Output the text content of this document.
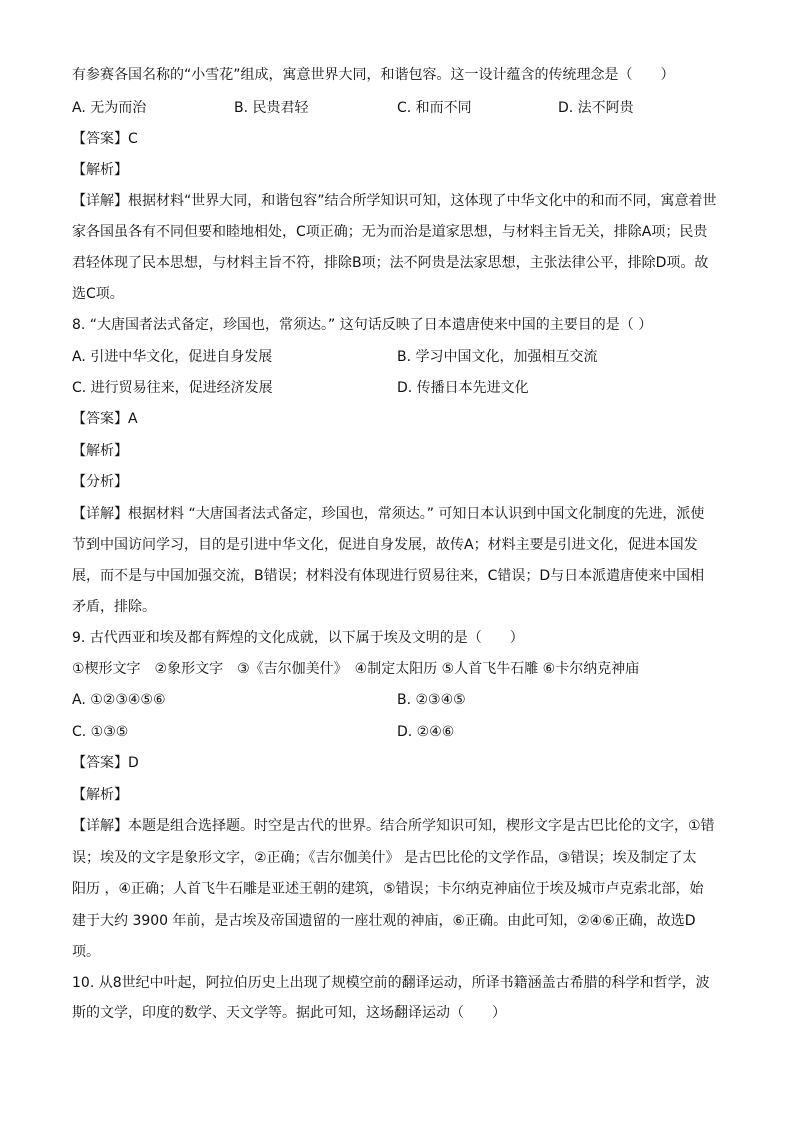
有参赛各国名称的“小雪花”组成，寓意世界大同，和谐包容。这一设计蕴含的传统理念是（　　）
A. 无为而治	B. 民贵君轻	C. 和而不同	D. 法不阿贵
【答案】C
【解析】
【详解】根据材料“世界大同，和谐包容”结合所学知识可知，这体现了中华文化中的和而不同，寓意着世
家各国虽各有不同但要和睦地相处，C项正确；无为而治是道家思想，与材料主旨无关，排除A项；民贵
君轻体现了民本思想，与材料主旨不符，排除B项；法不阿贵是法家思想，主张法律公平，排除D项。故
选C项。
8. “大唐国者法式备定，珍国也，常须达。” 这句话反映了日本遣唐使来中国的主要目的是（ ）
A. 引进中华文化，促进自身发展	B. 学习中国文化，加强相互交流
C. 进行贸易往来，促进经济发展	D. 传播日本先进文化
【答案】A
【解析】
【分析】
【详解】根据材料 “大唐国者法式备定，珍国也，常须达。” 可知日本认识到中国文化制度的先进，派使
节到中国访问学习，目的是引进中华文化，促进自身发展，故传A；材料主要是引进文化，促进本国发
展，而不是与中国加强交流，B错误；材料没有体现进行贸易往来，C错误；D与日本派遣唐使来中国相
矛盾，排除。
9. 古代西亚和埃及都有辉煌的文化成就，以下属于埃及文明的是（　　）
①楔形文字　②象形文字　③《吉尔伽美什》　④制定太阳历 ⑤人首飞牛石雕 ⑥卡尔纳克神庙
A. ①②③④⑤⑥	B. ②③④⑤
C. ①③⑤	D. ②④⑥
【答案】D
【解析】
【详解】本题是组合选择题。时空是古代的世界。结合所学知识可知，楔形文字是古巴比伦的文字，①错
误；埃及的文字是象形文字，②正确；《吉尔伽美什》 是古巴比伦的文学作品，③错误；埃及制定了太
阳历 ，④正确；人首飞牛石雕是亚述王朝的建筑，⑤错误；卡尔纳克神庙位于埃及城市卢克索北部，始
建于大约 3900 年前，是古埃及帝国遗留的一座壮观的神庙，⑥正确。由此可知，②④⑥正确，故选D
项。
10. 从8世纪中叶起，阿拉伯历史上出现了规模空前的翻译运动，所译书籍涵盖古希腊的科学和哲学，波
斯的文学，印度的数学、天文学等。据此可知，这场翻译运动（　　）
